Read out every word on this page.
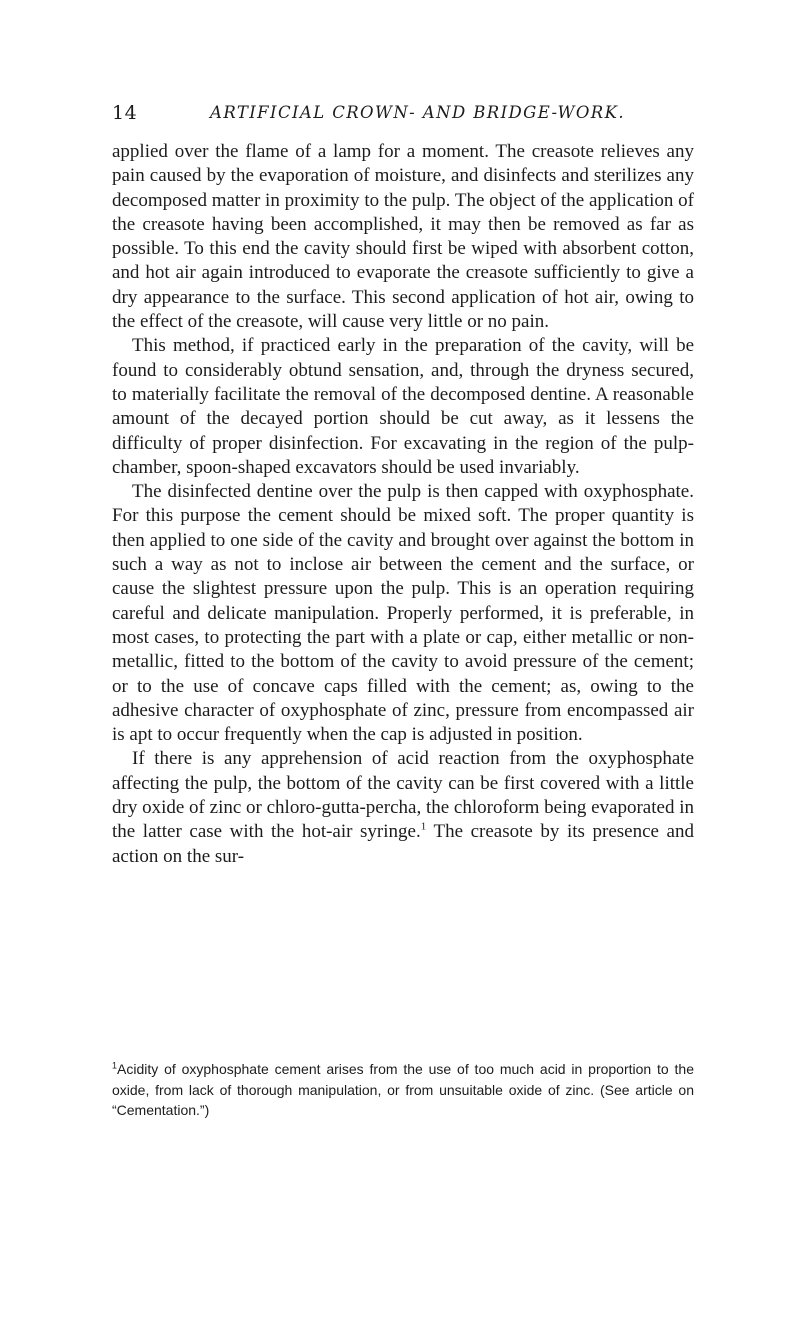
14	ARTIFICIAL CROWN- AND BRIDGE-WORK.

applied over the flame of a lamp for a moment. The creasote relieves any pain caused by the evaporation of moisture, and disinfects and sterilizes any decomposed matter in proximity to the pulp. The object of the application of the creasote having been accomplished, it may then be removed as far as possible. To this end the cavity should first be wiped with absorbent cotton, and hot air again introduced to evaporate the creasote sufficiently to give a dry appearance to the surface. This second application of hot air, owing to the effect of the creasote, will cause very little or no pain.

This method, if practiced early in the preparation of the cavity, will be found to considerably obtund sensation, and, through the dryness secured, to materially facilitate the removal of the decomposed dentine. A reasonable amount of the decayed portion should be cut away, as it lessens the difficulty of proper disinfection. For excavating in the region of the pulp-chamber, spoon-shaped excavators should be used invariably.

The disinfected dentine over the pulp is then capped with oxyphosphate. For this purpose the cement should be mixed soft. The proper quantity is then applied to one side of the cavity and brought over against the bottom in such a way as not to inclose air between the cement and the surface, or cause the slightest pressure upon the pulp. This is an operation requiring careful and delicate manipulation. Properly performed, it is preferable, in most cases, to protecting the part with a plate or cap, either metallic or non-metallic, fitted to the bottom of the cavity to avoid pressure of the cement; or to the use of concave caps filled with the cement; as, owing to the adhesive character of oxyphosphate of zinc, pressure from encompassed air is apt to occur frequently when the cap is adjusted in position.

If there is any apprehension of acid reaction from the oxyphosphate affecting the pulp, the bottom of the cavity can be first covered with a little dry oxide of zinc or chloro-gutta-percha, the chloroform being evaporated in the latter case with the hot-air syringe.$^1$ The creasote by its presence and action on the sur-

$^1$Acidity of oxyphosphate cement arises from the use of too much acid in proportion to the oxide, from lack of thorough manipulation, or from unsuitable oxide of zinc. (See article on “Cementation.”)
